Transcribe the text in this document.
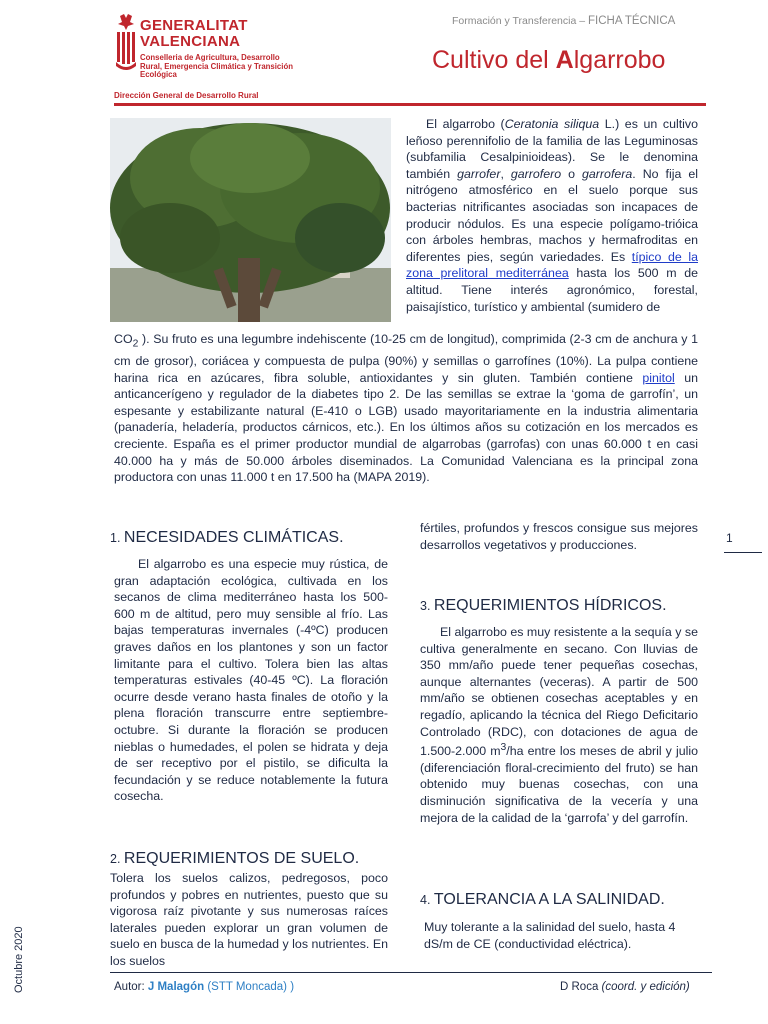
GENERALITAT
VALENCIANA
Conselleria de Agricultura, Desarrollo Rural, Emergencia Climática y Transición Ecológica
Dirección General de Desarrollo Rural
Formación y Transferencia – FICHA TÉCNICA
Cultivo del Algarrobo
El algarrobo (Ceratonia siliqua L.) es un cultivo leñoso perennifolio de la familia de las Leguminosas (subfamilia Cesalpinioideas). Se le denomina también garrofer, garrofero o garrofera. No fija el nitrógeno atmosférico en el suelo porque sus bacterias nitrificantes asociadas son incapaces de producir nódulos. Es una especie polígamo-trióica con árboles hembras, machos y hermafroditas en diferentes pies, según variedades. Es típico de la zona prelitoral mediterránea hasta los 500 m de altitud. Tiene interés agronómico, forestal, paisajístico, turístico y ambiental (sumidero de
$CO_2$ ). Su fruto es una legumbre indehiscente (10-25 cm de longitud), comprimida (2-3 cm de anchura y 1 cm de grosor), coriácea y compuesta de pulpa (90%) y semillas o garrofínes (10%). La pulpa contiene harina rica en azúcares, fibra soluble, antioxidantes y sin gluten. También contiene pinitol un anticancerígeno y regulador de la diabetes tipo 2. De las semillas se extrae la ‘goma de garrofín’, un espesante y estabilizante natural (E-410 o LGB) usado mayoritariamente en la industria alimentaria (panadería, heladería, productos cárnicos, etc.). En los últimos años su cotización en los mercados es creciente. España es el primer productor mundial de algarrobas (garrofas) con unas 60.000 t en casi 40.000 ha y más de 50.000 árboles diseminados. La Comunidad Valenciana es la principal zona productora con unas 11.000 t en 17.500 ha (MAPA 2019).
1. NECESIDADES CLIMÁTICAS.
El algarrobo es una especie muy rústica, de gran adaptación ecológica, cultivada en los secanos de clima mediterráneo hasta los 500-600 m de altitud, pero muy sensible al frío. Las bajas temperaturas invernales (-4ºC) producen graves daños en los plantones y son un factor limitante para el cultivo. Tolera bien las altas temperaturas estivales (40-45 ºC). La floración ocurre desde verano hasta finales de otoño y la plena floración transcurre entre septiembre-octubre. Si durante la floración se producen nieblas o humedades, el polen se hidrata y deja de ser receptivo por el pistilo, se dificulta la fecundación y se reduce notablemente la futura cosecha.
2. REQUERIMIENTOS DE SUELO.
Tolera los suelos calizos, pedregosos, poco profundos y pobres en nutrientes, puesto que su vigorosa raíz pivotante y sus numerosas raíces laterales pueden explorar un gran volumen de suelo en busca de la humedad y los nutrientes. En los suelos
fértiles, profundos y frescos consigue sus mejores desarrollos vegetativos y producciones.
3. REQUERIMIENTOS HÍDRICOS.
El algarrobo es muy resistente a la sequía y se cultiva generalmente en secano. Con lluvias de 350 mm/año puede tener pequeñas cosechas, aunque alternantes (veceras). A partir de 500 mm/año se obtienen cosechas aceptables y en regadío, aplicando la técnica del Riego Deficitario Controlado (RDC), con dotaciones de agua de 1.500-2.000 $m^3/ha$ entre los meses de abril y julio (diferenciación floral-crecimiento del fruto) se han obtenido muy buenas cosechas, con una disminución significativa de la vecería y una mejora de la calidad de la ‘garrofa’ y del garrofín.
4. TOLERANCIA A LA SALINIDAD.
Muy tolerante a la salinidad del suelo, hasta 4 dS/m de CE (conductividad eléctrica).
1
Octubre 2020	Autor: J Malagón (STT Moncada) )	D Roca (coord. y edición)
